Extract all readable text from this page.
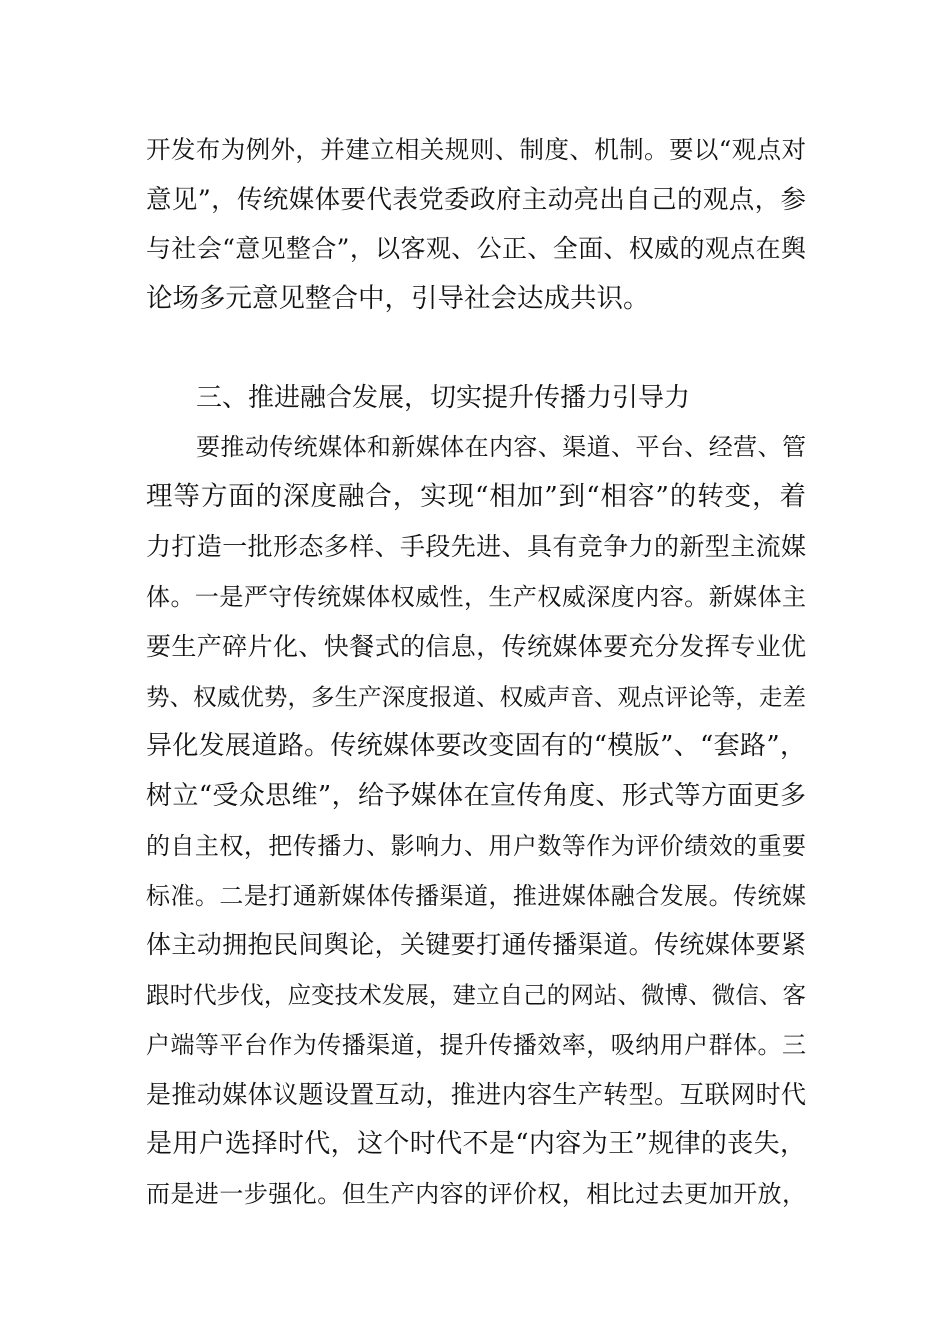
开发布为例外，并建立相关规则、制度、机制。要以“观点对
意见”，传统媒体要代表党委政府主动亮出自己的观点，参
与社会“意见整合”，以客观、公正、全面、权威的观点在舆
论场多元意见整合中，引导社会达成共识。
三、推进融合发展，切实提升传播力引导力
要推动传统媒体和新媒体在内容、渠道、平台、经营、管
理等方面的深度融合，实现“相加”到“相容”的转变，着
力打造一批形态多样、手段先进、具有竞争力的新型主流媒
体。一是严守传统媒体权威性，生产权威深度内容。新媒体主
要生产碎片化、快餐式的信息，传统媒体要充分发挥专业优
势、权威优势，多生产深度报道、权威声音、观点评论等，走差
异化发展道路。传统媒体要改变固有的“模版”、“套路”，
树立“受众思维”，给予媒体在宣传角度、形式等方面更多
的自主权，把传播力、影响力、用户数等作为评价绩效的重要
标准。二是打通新媒体传播渠道，推进媒体融合发展。传统媒
体主动拥抱民间舆论，关键要打通传播渠道。传统媒体要紧
跟时代步伐，应变技术发展，建立自己的网站、微博、微信、客
户端等平台作为传播渠道，提升传播效率，吸纳用户群体。三
是推动媒体议题设置互动，推进内容生产转型。互联网时代
是用户选择时代，这个时代不是“内容为王”规律的丧失，
而是进一步强化。但生产内容的评价权，相比过去更加开放，
